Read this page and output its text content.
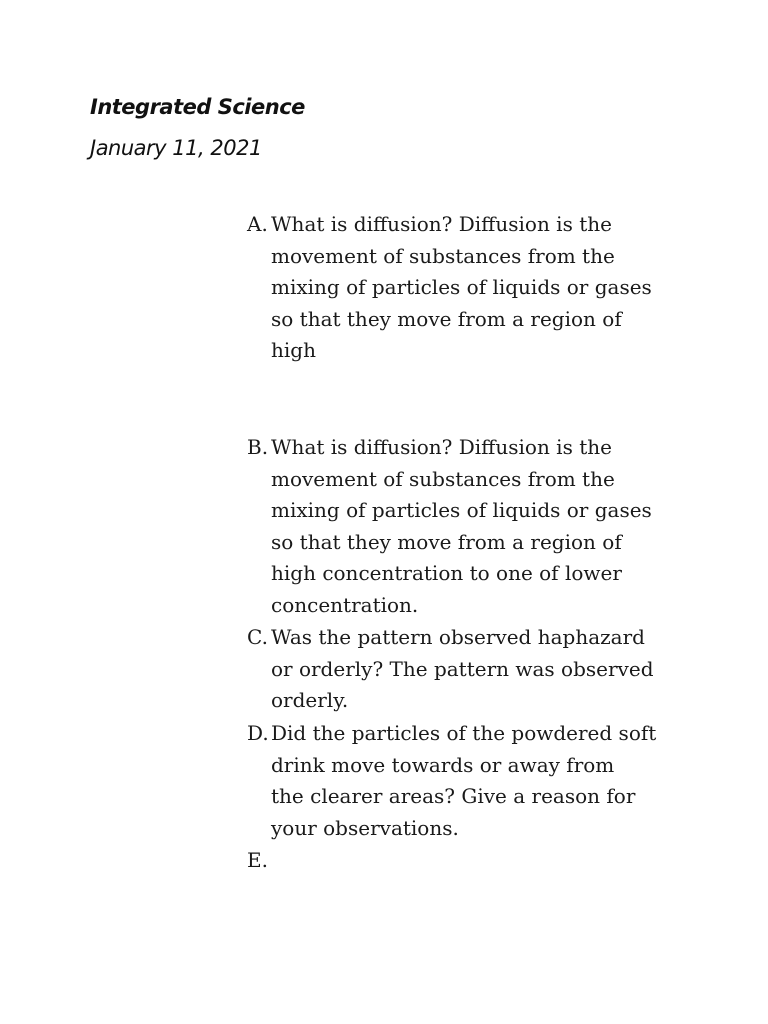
Integrated Science
January 11, 2021
A. What is diffusion? Diffusion is the
movement of substances from the
mixing of particles of liquids or gases
so that they move from a region of
high
B. What is diffusion? Diffusion is the
movement of substances from the
mixing of particles of liquids or gases
so that they move from a region of
high concentration to one of lower
concentration.
C. Was the pattern observed haphazard
or orderly? The pattern was observed
orderly.
D. Did the particles of the powdered soft
drink move towards or away from
the clearer areas? Give a reason for
your observations.
E.
